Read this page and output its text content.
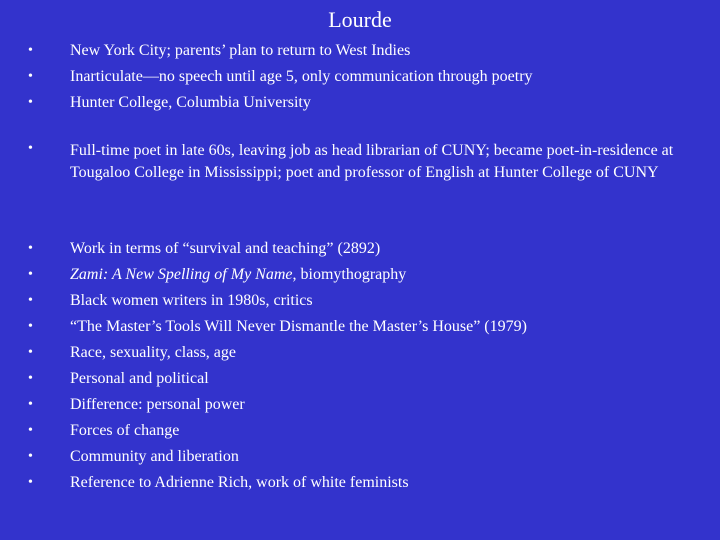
Lourde
• New York City; parents’ plan to return to West Indies
• Inarticulate—no speech until age 5, only communication through poetry
• Hunter College, Columbia University
• Full-time poet in late 60s, leaving job as head librarian of CUNY; became poet-in-residence at Tougaloo College in Mississippi; poet and professor of English at Hunter College of CUNY
• Work in terms of “survival and teaching” (2892)
• Zami: A New Spelling of My Name, biomythography
• Black women writers in 1980s, critics
• “The Master’s Tools Will Never Dismantle the Master’s House” (1979)
• Race, sexuality, class, age
• Personal and political
• Difference: personal power
• Forces of change
• Community and liberation
• Reference to Adrienne Rich, work of white feminists
